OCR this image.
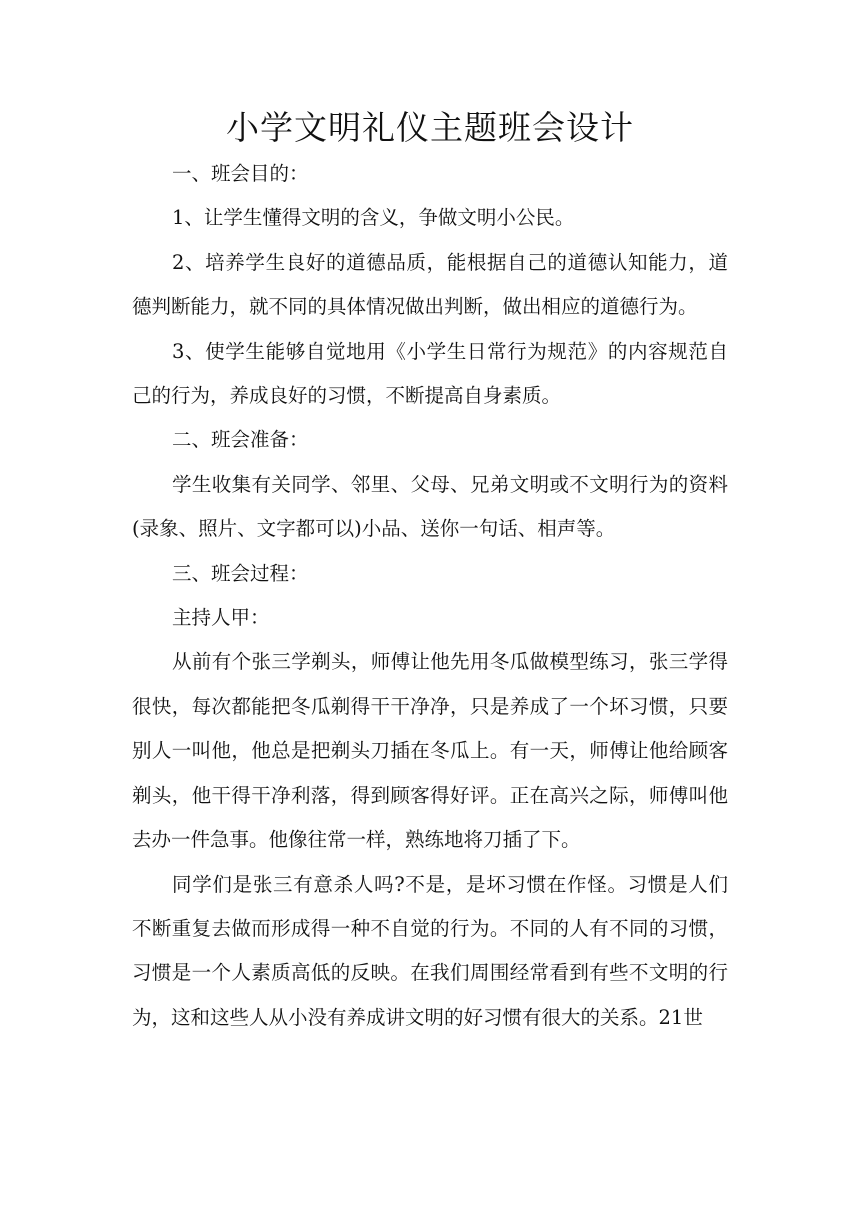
小学文明礼仪主题班会设计

一、班会目的：

1、让学生懂得文明的含义，争做文明小公民。

2、培养学生良好的道德品质，能根据自己的道德认知能力，道德判断能力，就不同的具体情况做出判断，做出相应的道德行为。

3、使学生能够自觉地用《小学生日常行为规范》的内容规范自己的行为，养成良好的习惯，不断提高自身素质。

二、班会准备：

学生收集有关同学、邻里、父母、兄弟文明或不文明行为的资料(录象、照片、文字都可以)小品、送你一句话、相声等。

三、班会过程：

主持人甲：

从前有个张三学剃头，师傅让他先用冬瓜做模型练习，张三学得很快，每次都能把冬瓜剃得干干净净，只是养成了一个坏习惯，只要别人一叫他，他总是把剃头刀插在冬瓜上。有一天，师傅让他给顾客剃头，他干得干净利落，得到顾客得好评。正在高兴之际，师傅叫他去办一件急事。他像往常一样，熟练地将刀插了下。

同学们是张三有意杀人吗?不是，是坏习惯在作怪。习惯是人们不断重复去做而形成得一种不自觉的行为。不同的人有不同的习惯，习惯是一个人素质高低的反映。在我们周围经常看到有些不文明的行为，这和这些人从小没有养成讲文明的好习惯有很大的关系。21世
